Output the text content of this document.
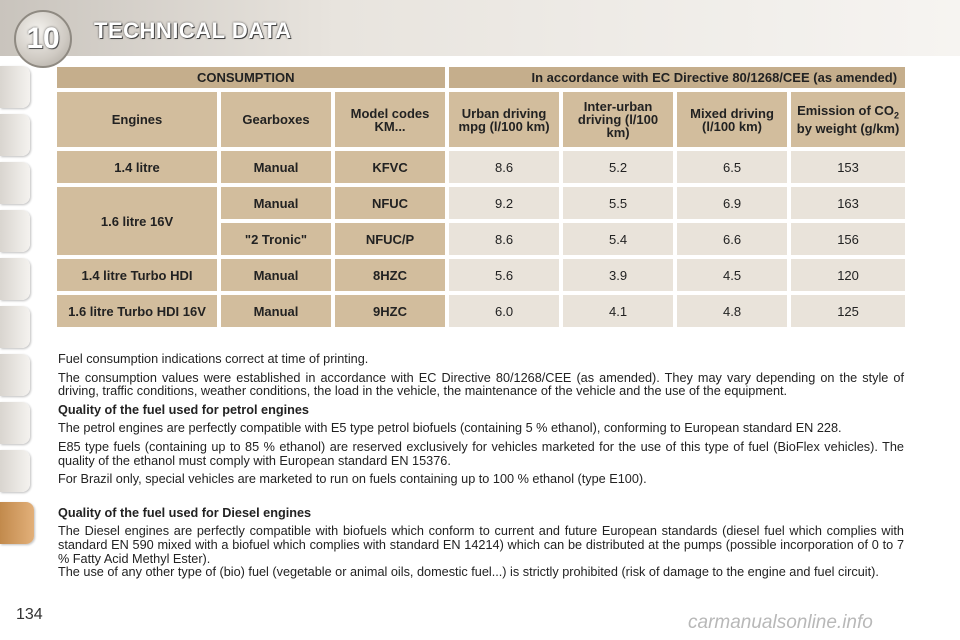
10	TECHNICAL DATA
CONSUMPTION			In accordance with EC Directive 80/1268/CEE (as amended)			
Engines	Gearboxes	Model codes KM...	Urban driving mpg (l/100 km)	Inter-urban driving (l/100 km)	Mixed driving (l/100 km)	Emission of $CO_2$ by weight (g/km)
1.4 litre	Manual	KFVC	8.6	5.2	6.5	153
1.6 litre 16V	Manual	NFUC	9.2	5.5	6.9	163
	"2 Tronic"	NFUC/P	8.6	5.4	6.6	156
1.4 litre Turbo HDI	Manual	8HZC	5.6	3.9	4.5	120
1.6 litre Turbo HDI 16V	Manual	9HZC	6.0	4.1	4.8	125

Fuel consumption indications correct at time of printing.

The consumption values were established in accordance with EC Directive 80/1268/CEE (as amended). They may vary depending on the style of driving, traffic conditions, weather conditions, the load in the vehicle, the maintenance of the vehicle and the use of the equipment.

Quality of the fuel used for petrol engines

The petrol engines are perfectly compatible with E5 type petrol biofuels (containing 5 % ethanol), conforming to European standard EN 228.

E85 type fuels (containing up to 85 % ethanol) are reserved exclusively for vehicles marketed for the use of this type of fuel (BioFlex vehicles). The quality of the ethanol must comply with European standard EN 15376.

For Brazil only, special vehicles are marketed to run on fuels containing up to 100 % ethanol (type E100).

Quality of the fuel used for Diesel engines

The Diesel engines are perfectly compatible with biofuels which conform to current and future European standards (diesel fuel which complies with standard EN 590 mixed with a biofuel which complies with standard EN 14214) which can be distributed at the pumps (possible incorporation of 0 to 7 % Fatty Acid Methyl Ester).

The use of any other type of (bio) fuel (vegetable or animal oils, domestic fuel...) is strictly prohibited (risk of damage to the engine and fuel circuit).

134	carmanualsonline.info
